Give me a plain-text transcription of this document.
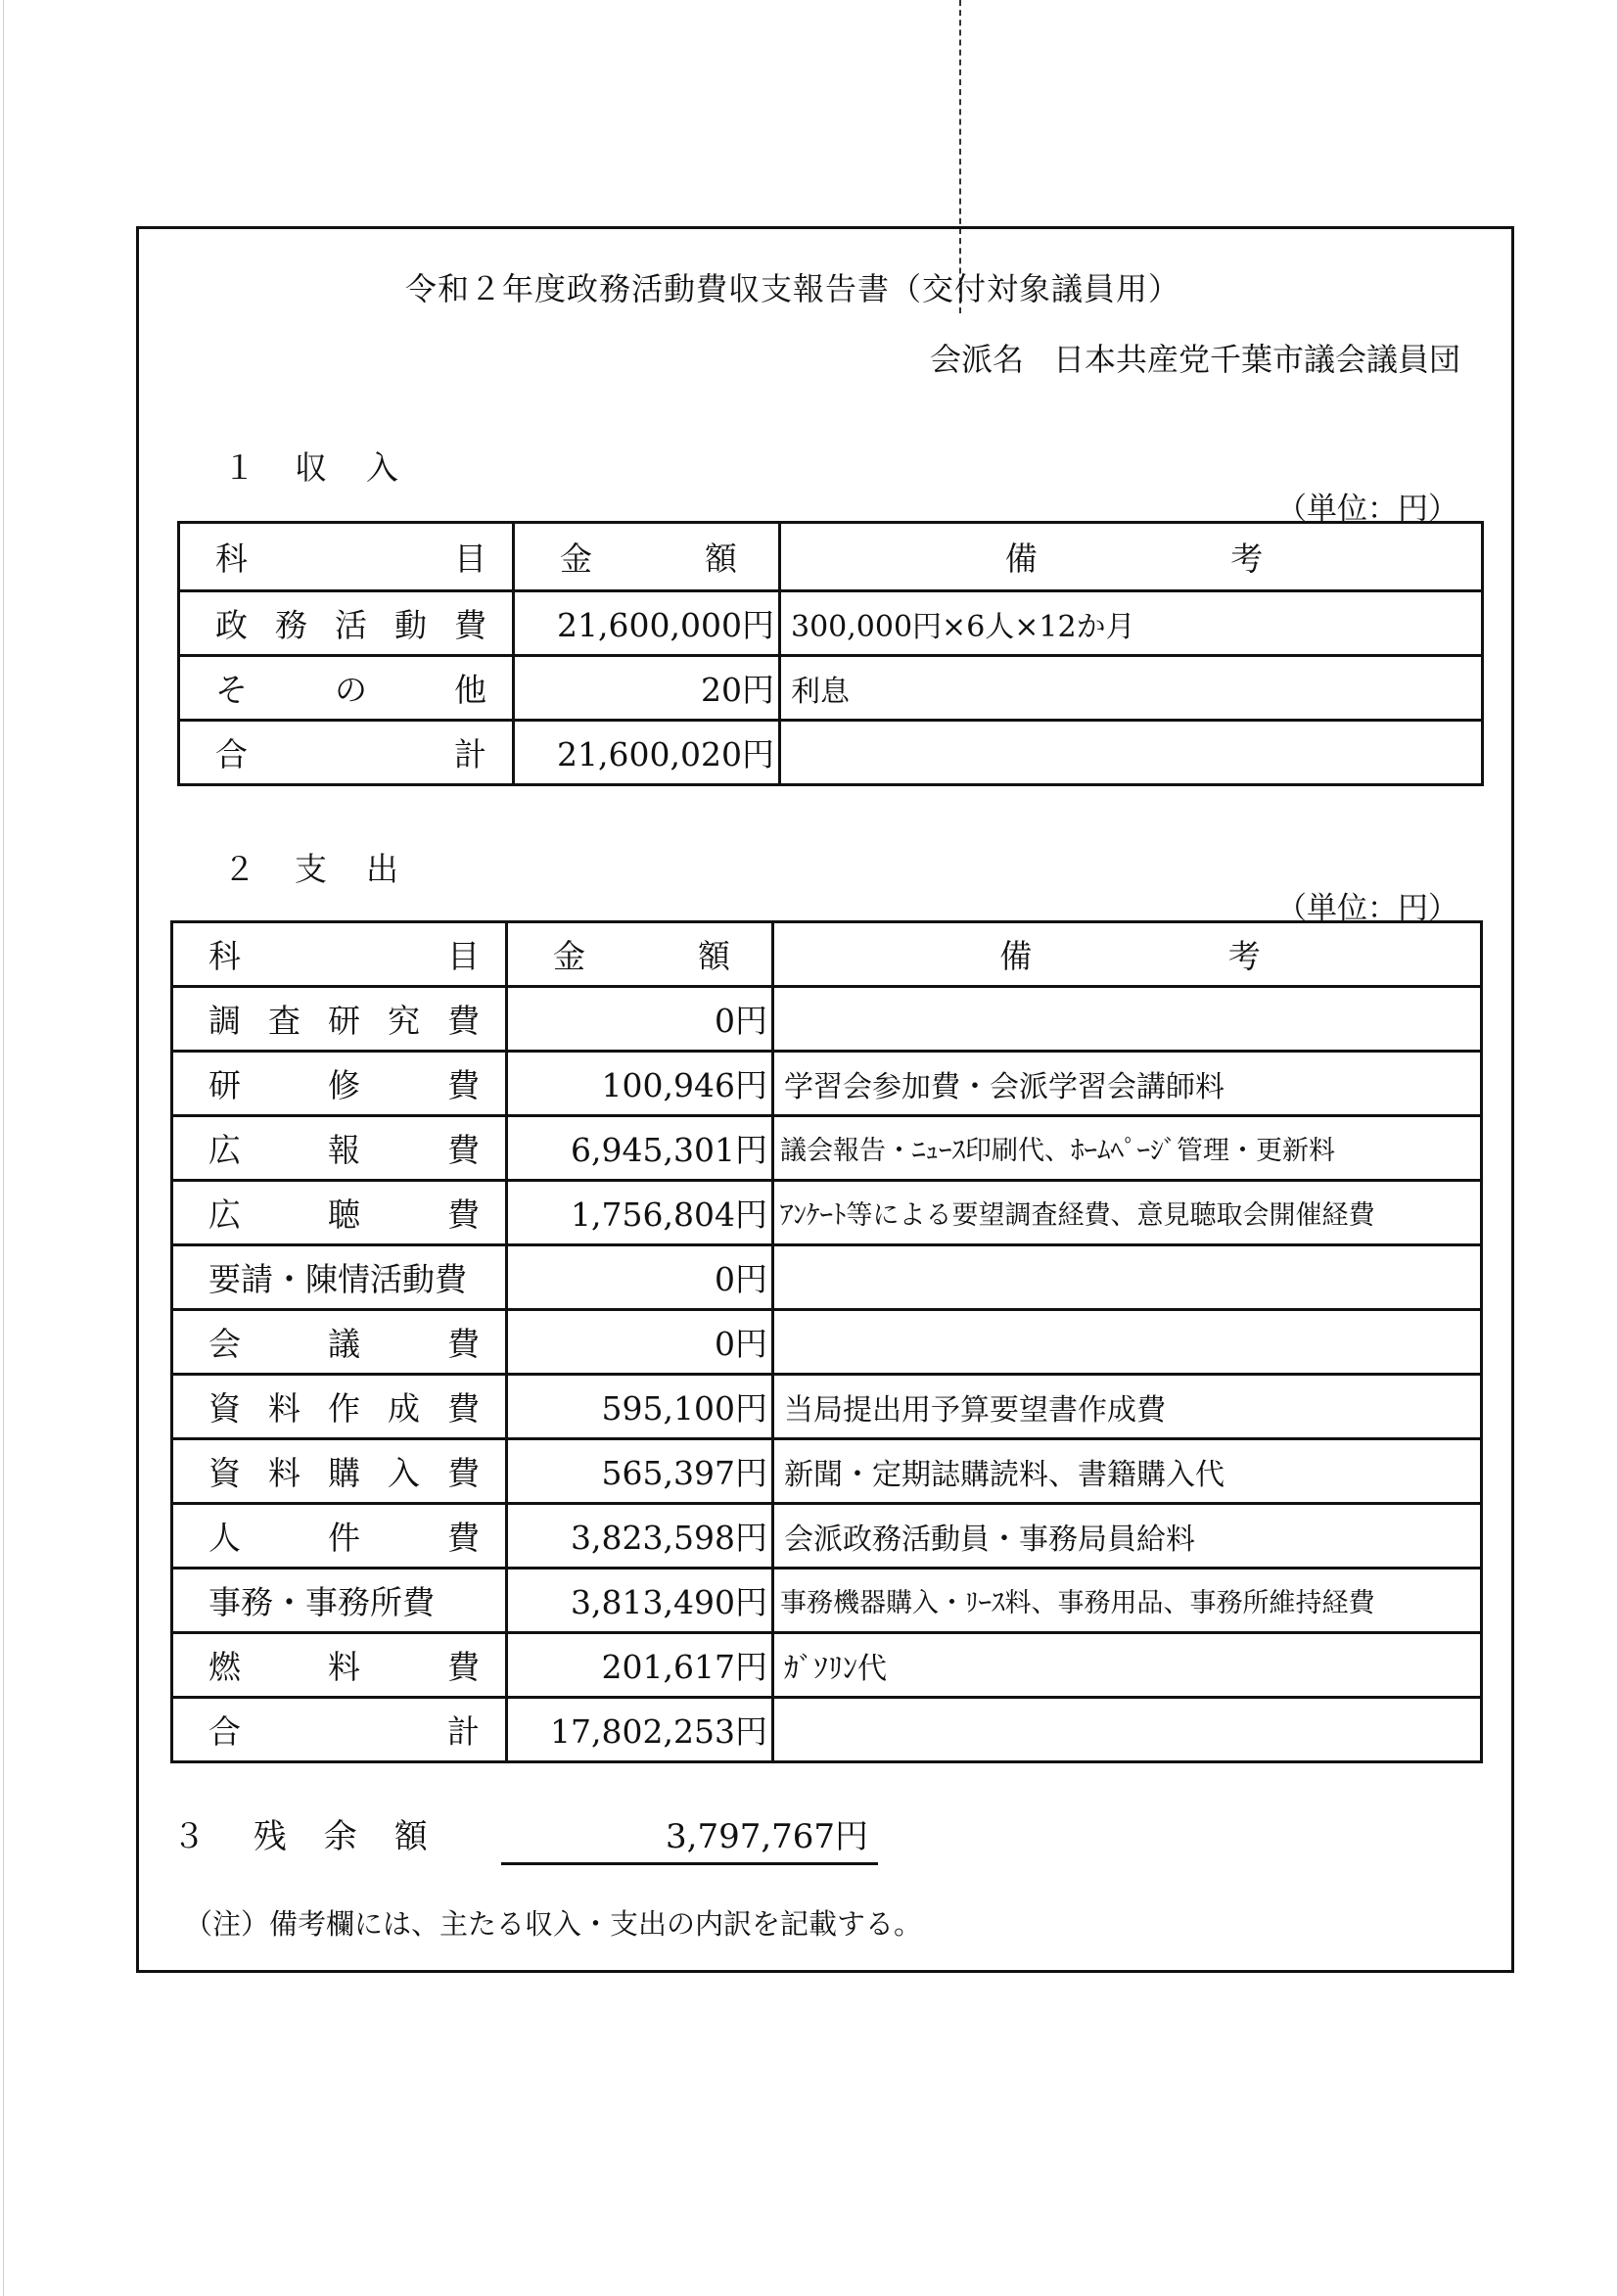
令和２年度政務活動費収支報告書（交付対象議員用）
会派名 日本共産党千葉市議会議員団
１収入
（単位：円）
科 目	金 額	備 考

政 務 活 動 費	21,600,000円	300,000円×6人×12か月

そ の 他	20円	利息

合 計	21,600,020円	
２支出
（単位：円）
科 目	金 額	備 考

調 査 研 究 費	0円	

研 修 費	100,946円	学習会参加費・会派学習会講師料

広 報 費	6,945,301円	議会報告・ﾆｭｰｽ印刷代、ﾎｰﾑﾍﾟｰｼﾞ管理・更新料

広 聴 費	1,756,804円	ｱﾝｹｰﾄ等による要望調査経費、意見聴取会開催経費
要請・陳情活動費	0円	

会 議 費	0円	

資 料 作 成 費	595,100円	当局提出用予算要望書作成費

資 料 購 入 費	565,397円	新聞・定期誌購読料、書籍購入代

人 件 費	3,823,598円	会派政務活動員・事務局員給料
事務・事務所費	3,813,490円	事務機器購入・ﾘｰｽ料、事務用品、事務所維持経費

燃 料 費	201,617円	ｶﾞｿﾘﾝ代

合 計	17,802,253円	
３ 残余額	3,797,767円
（注）備考欄には、主たる収入・支出の内訳を記載する。
